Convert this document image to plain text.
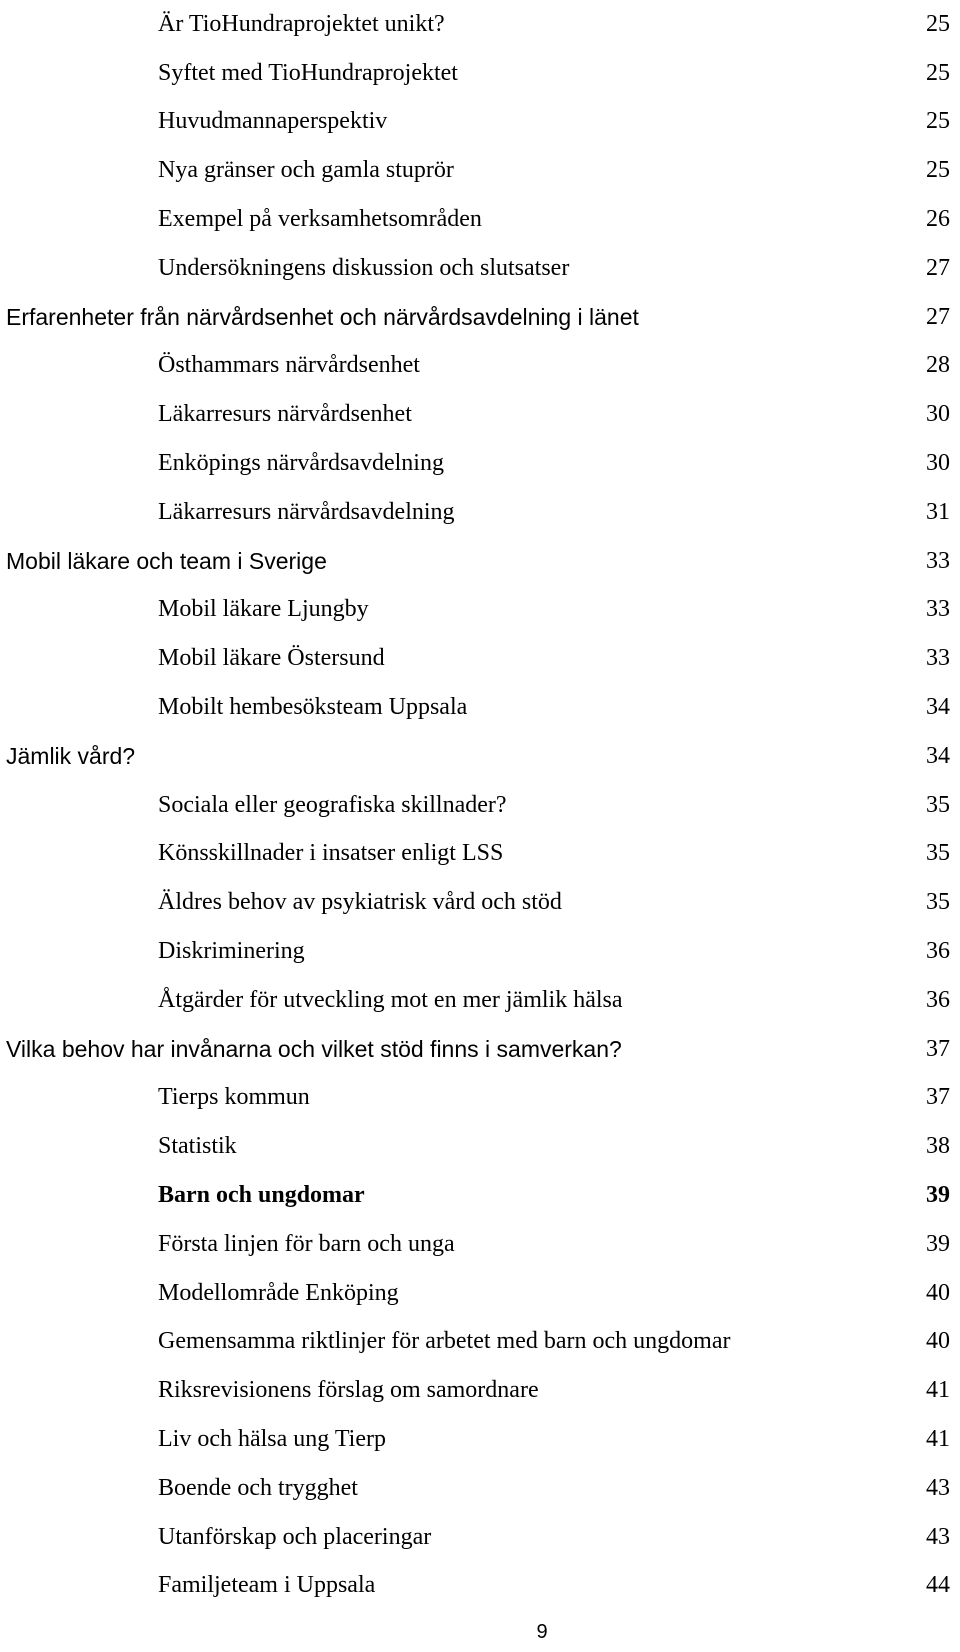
Är TioHundraprojektet unikt?	25
Syftet med TioHundraprojektet	25
Huvudmannaperspektiv	25
Nya gränser och gamla stuprör	25
Exempel på verksamhetsområden	26
Undersökningens diskussion och slutsatser	27
Erfarenheter från närvårdsenhet och närvårdsavdelning i länet	27
Östhammars närvårdsenhet	28
Läkarresurs närvårdsenhet	30
Enköpings närvårdsavdelning	30
Läkarresurs närvårdsavdelning	31
Mobil läkare och team i Sverige	33
Mobil läkare Ljungby	33
Mobil läkare Östersund	33
Mobilt hembesöksteam Uppsala	34
Jämlik vård?	34
Sociala eller geografiska skillnader?	35
Könsskillnader i insatser enligt LSS	35
Äldres behov av psykiatrisk vård och stöd	35
Diskriminering	36
Åtgärder för utveckling mot en mer jämlik hälsa	36
Vilka behov har invånarna och vilket stöd finns i samverkan?	37
Tierps kommun	37
Statistik	38
Barn och ungdomar	39
Första linjen för barn och unga	39
Modellområde Enköping	40
Gemensamma riktlinjer för arbetet med barn och ungdomar	40
Riksrevisionens förslag om samordnare	41
Liv och hälsa ung Tierp	41
Boende och trygghet	43
Utanförskap och placeringar	43
Familjeteam i Uppsala	44
9
